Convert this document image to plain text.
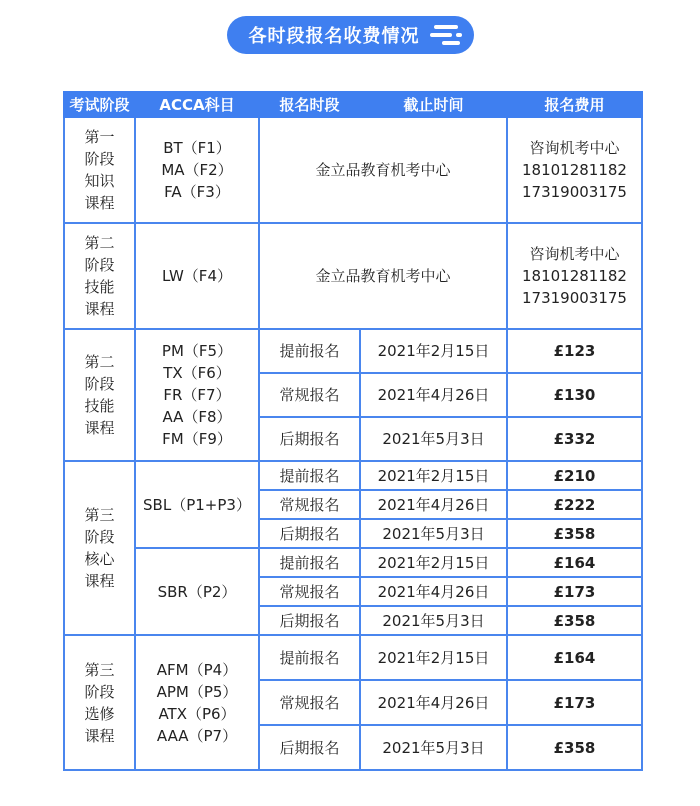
各时段报名收费情况
考试阶段	ACCA科目	报名时段	截止时间	报名费用

第一
阶段
知识
课程	BT（F1）
MA（F2）
FA（F3）	金立品教育机考中心		咨询机考中心
18101281182
17319003175

第二
阶段
技能
课程	LW（F4）	金立品教育机考中心		咨询机考中心
18101281182
17319003175

第二
阶段
技能
课程	PM（F5）
TX（F6）
FR（F7）
AA（F8）
FM（F9）	提前报名	2021年2月15日	£123
		常规报名	2021年4月26日	£130
		后期报名	2021年5月3日	£332

第三
阶段
核心
课程	SBL（P1+P3）	提前报名	2021年2月15日	£210
		常规报名	2021年4月26日	£222
		后期报名	2021年5月3日	£358
	SBR（P2）	提前报名	2021年2月15日	£164
		常规报名	2021年4月26日	£173
		后期报名	2021年5月3日	£358

第三
阶段
选修
课程	AFM（P4）
APM（P5）
ATX（P6）
AAA（P7）	提前报名	2021年2月15日	£164
		常规报名	2021年4月26日	£173
		后期报名	2021年5月3日	£358
